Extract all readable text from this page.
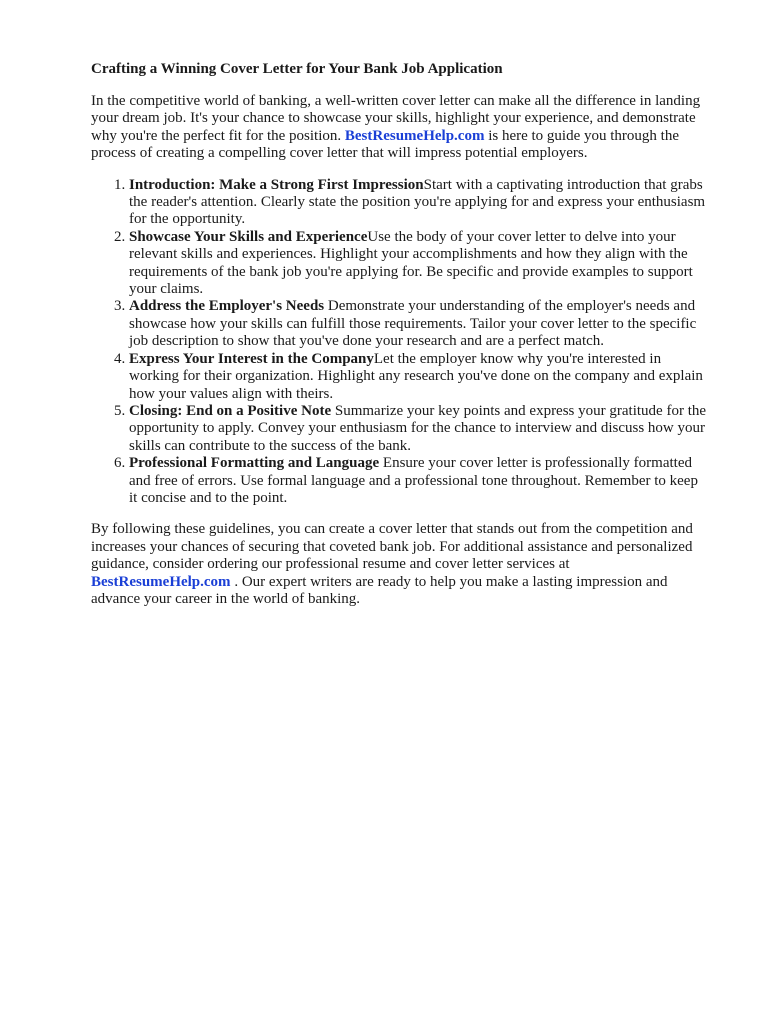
Crafting a Winning Cover Letter for Your Bank Job Application

In the competitive world of banking, a well-written cover letter can make all the difference in landing your dream job. It's your chance to showcase your skills, highlight your experience, and demonstrate why you're the perfect fit for the position. BestResumeHelp.com is here to guide you through the process of creating a compelling cover letter that will impress potential employers.

1. Introduction: Make a Strong First ImpressionStart with a captivating introduction that grabs the reader's attention. Clearly state the position you're applying for and express your enthusiasm for the opportunity.
2. Showcase Your Skills and ExperienceUse the body of your cover letter to delve into your relevant skills and experiences. Highlight your accomplishments and how they align with the requirements of the bank job you're applying for. Be specific and provide examples to support your claims.
3. Address the Employer's Needs Demonstrate your understanding of the employer's needs and showcase how your skills can fulfill those requirements. Tailor your cover letter to the specific job description to show that you've done your research and are a perfect match.
4. Express Your Interest in the CompanyLet the employer know why you're interested in working for their organization. Highlight any research you've done on the company and explain how your values align with theirs.
5. Closing: End on a Positive Note Summarize your key points and express your gratitude for the opportunity to apply. Convey your enthusiasm for the chance to interview and discuss how your skills can contribute to the success of the bank.
6. Professional Formatting and Language Ensure your cover letter is professionally formatted and free of errors. Use formal language and a professional tone throughout. Remember to keep it concise and to the point.

By following these guidelines, you can create a cover letter that stands out from the competition and increases your chances of securing that coveted bank job. For additional assistance and personalized guidance, consider ordering our professional resume and cover letter services at BestResumeHelp.com . Our expert writers are ready to help you make a lasting impression and advance your career in the world of banking.
